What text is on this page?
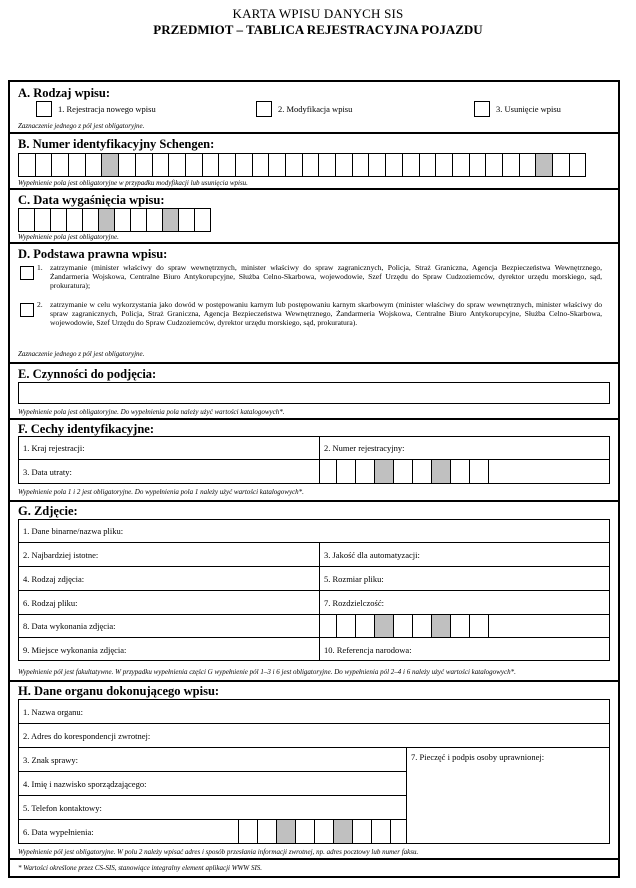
KARTA WPISU DANYCH SIS
PRZEDMIOT – TABLICA REJESTRACYJNA POJAZDU
A. Rodzaj wpisu:
1. Rejestracja nowego wpisu	2. Modyfikacja wpisu	3. Usunięcie wpisu
Zaznaczenie jednego z pól jest obligatoryjne.
B. Numer identyfikacyjny Schengen:
Wypełnienie pola jest obligatoryjne w przypadku modyfikacji lub usunięcia wpisu.
C. Data wygaśnięcia wpisu:
Wypełnienie pola jest obligatoryjne.
D. Podstawa prawna wpisu:
1. zatrzymanie (minister właściwy do spraw wewnętrznych, minister właściwy do spraw zagranicznych, Policja, Straż Graniczna, Agencja Bezpieczeństwa Wewnętrznego, Żandarmeria Wojskowa, Centralne Biuro Antykorupcyjne, Służba Celno-Skarbowa, wojewodowie, Szef Urzędu do Spraw Cudzoziemców, dyrektor urzędu morskiego, sąd, prokuratura);
2. zatrzymanie w celu wykorzystania jako dowód w postępowaniu karnym lub postępowaniu karnym skarbowym (minister właściwy do spraw wewnętrznych, minister właściwy do spraw zagranicznych, Policja, Straż Graniczna, Agencja Bezpieczeństwa Wewnętrznego, Żandarmeria Wojskowa, Centralne Biuro Antykorupcyjne, Służba Celno-Skarbowa, wojewodowie, Szef Urzędu do Spraw Cudzoziemców, dyrektor urzędu morskiego, sąd, prokuratura).
Zaznaczenie jednego z pól jest obligatoryjne.
E. Czynności do podjęcia:
Wypełnienie pola jest obligatoryjne. Do wypełnienia pola należy użyć wartości katalogowych*.
F. Cechy identyfikacyjne:
1. Kraj rejestracji:	2. Numer rejestracyjny:
3. Data utraty:
Wypełnienie pola 1 i 2 jest obligatoryjne. Do wypełnienia pola 1 należy użyć wartości katalogowych*.
G. Zdjęcie:
1. Dane binarne/nazwa pliku:
2. Najbardziej istotne:	3. Jakość dla automatyzacji:
4. Rodzaj zdjęcia:	5. Rozmiar pliku:
6. Rodzaj pliku:	7. Rozdzielczość:
8. Data wykonania zdjęcia:
9. Miejsce wykonania zdjęcia:	10. Referencja narodowa:
Wypełnienie pól jest fakultatywne. W przypadku wypełnienia części G wypełnienie pól 1–3 i 6 jest obligatoryjne. Do wypełnienia pól 2–4 i 6 należy użyć wartości katalogowych*.
H. Dane organu dokonującego wpisu:
1. Nazwa organu:
2. Adres do korespondencji zwrotnej:
3. Znak sprawy:
4. Imię i nazwisko sporządzającego:
5. Telefon kontaktowy:
6. Data wypełnienia:
7. Pieczęć i podpis osoby uprawnionej:
Wypełnienie pól jest obligatoryjne. W polu 2 należy wpisać adres i sposób przesłania informacji zwrotnej, np. adres pocztowy lub numer faksu.
* Wartości określone przez CS-SIS, stanowiące integralny element aplikacji WWW SIS.
